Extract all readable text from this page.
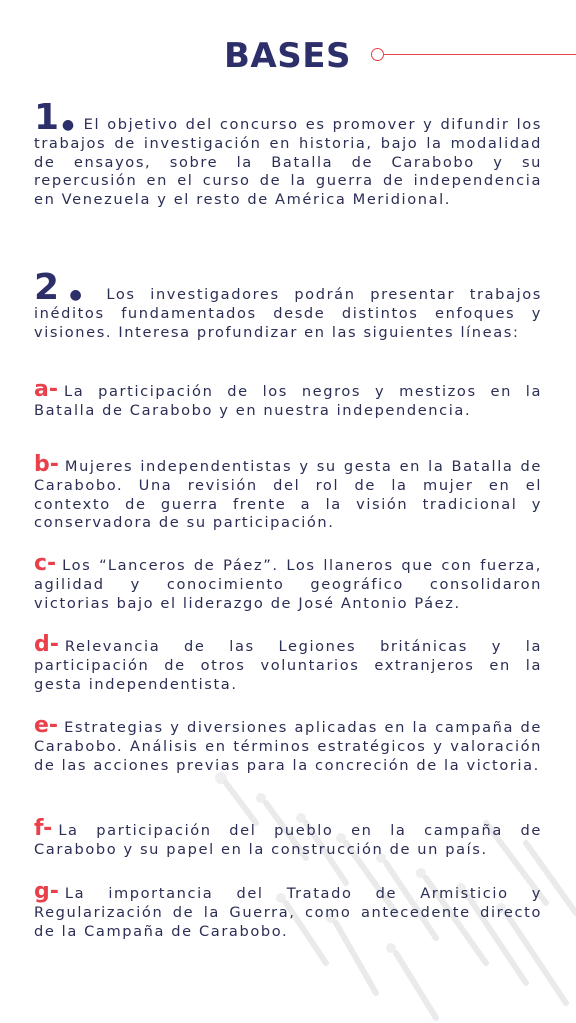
BASES

1 ● El objetivo del concurso es promover y difundir los trabajos de investigación en historia, bajo la modalidad de ensayos, sobre la Batalla de Carabobo y su repercusión en el curso de la guerra de independencia en Venezuela y el resto de América Meridional.

2 ● Los investigadores podrán presentar trabajos inéditos fundamentados desde distintos enfoques y visiones. Interesa profundizar en las siguientes líneas:

a- La participación de los negros y mestizos en la Batalla de Carabobo y en nuestra independencia.

b- Mujeres independentistas y su gesta en la Batalla de Carabobo. Una revisión del rol de la mujer en el contexto de guerra frente a la visión tradicional y conservadora de su participación.

c- Los “Lanceros de Páez”. Los llaneros que con fuerza, agilidad y conocimiento geográfico consolidaron victorias bajo el liderazgo de José Antonio Páez.

d- Relevancia de las Legiones británicas y la participación de otros voluntarios extranjeros en la gesta independentista.

e- Estrategias y diversiones aplicadas en la campaña de Carabobo. Análisis en términos estratégicos y valoración de las acciones previas para la concreción de la victoria.

f- La participación del pueblo en la campaña de Carabobo y su papel en la construcción de un país.

g- La importancia del Tratado de Armisticio y Regularización de la Guerra, como antecedente directo de la Campaña de Carabobo.
